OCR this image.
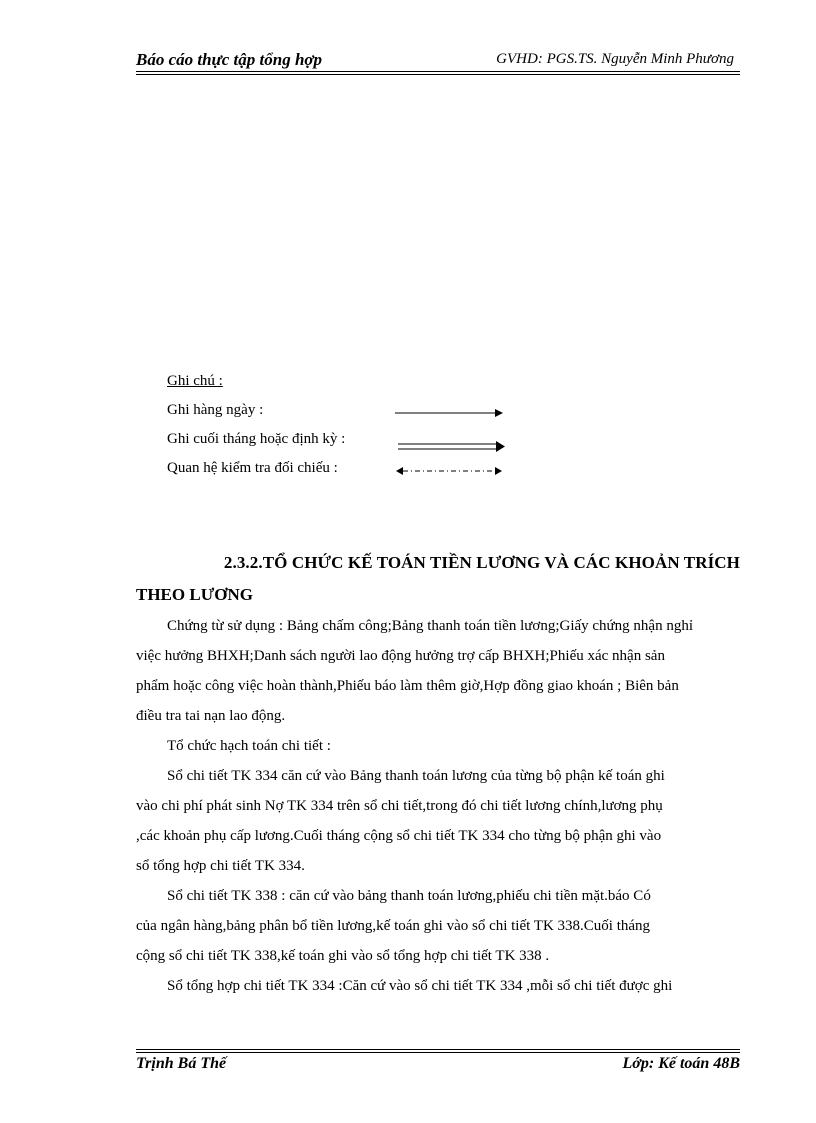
Báo cáo thực tập tổng hợp	GVHD: PGS.TS. Nguyễn Minh Phương
Ghi chú :
Ghi hàng ngày :
Ghi cuối tháng hoặc định kỳ :
Quan hệ kiểm tra đối chiếu :
2.3.2.TỔ CHỨC KẾ TOÁN TIỀN LƯƠNG VÀ CÁC KHOẢN TRÍCH
THEO LƯƠNG
Chứng từ sử dụng : Bảng chấm công;Bảng thanh toán tiền lương;Giấy chứng nhận nghỉ
việc hưởng BHXH;Danh sách người lao động hưởng trợ cấp BHXH;Phiếu xác nhận sản
phẩm hoặc công việc hoàn thành,Phiếu báo làm thêm giờ,Hợp đồng giao khoán ; Biên bản
điều tra tai nạn lao động.
Tổ chức hạch toán chi tiết :
Sổ chi tiết TK 334 căn cứ vào Bảng thanh toán lương của từng bộ phận kế toán ghi
vào chi phí phát sinh Nợ TK 334 trên sổ chi tiết,trong đó chi tiết lương chính,lương phụ
,các khoản phụ cấp lương.Cuối tháng cộng sổ chi tiết TK 334 cho từng bộ phận ghi vào
sổ tổng hợp chi tiết TK 334.
Sổ chi tiết TK 338 : căn cứ vào bảng thanh toán lương,phiếu chi tiền mặt.báo Có
của ngân hàng,bảng phân bổ tiền lương,kế toán ghi vào sổ chi tiết TK 338.Cuối tháng
cộng sổ chi tiết TK 338,kế toán ghi vào sổ tổng hợp chi tiết TK 338 .
Sổ tổng hợp chi tiết TK 334 :Căn cứ vào sổ chi tiết TK 334 ,mỗi sổ chi tiết được ghi
Trịnh Bá Thế	Lớp: Kế toán 48B
